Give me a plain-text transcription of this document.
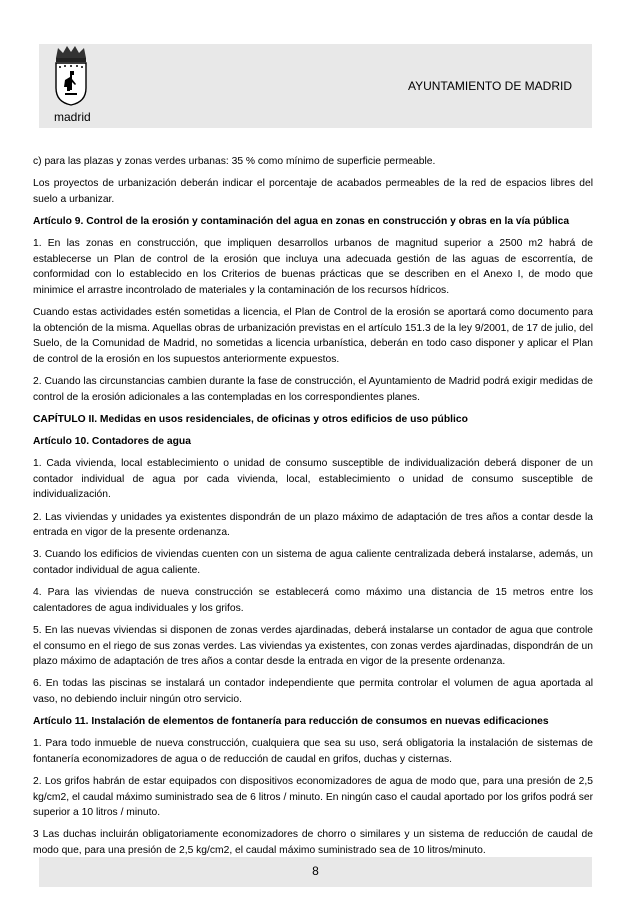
madrid
AYUNTAMIENTO DE MADRID

c) para las plazas y zonas verdes urbanas: 35 % como mínimo de superficie permeable.

Los proyectos de urbanización deberán indicar el porcentaje de acabados permeables de la red de espacios libres del suelo a urbanizar.

Artículo 9. Control de la erosión y contaminación del agua en zonas en construcción y obras en la vía pública

1. En las zonas en construcción, que impliquen desarrollos urbanos de magnitud superior a 2500 m2 habrá de establecerse un Plan de control de la erosión que incluya una adecuada gestión de las aguas de escorrentía, de conformidad con lo establecido en los Criterios de buenas prácticas que se describen en el Anexo I, de modo que minimice el arrastre incontrolado de materiales y la contaminación de los recursos hídricos.

Cuando estas actividades estén sometidas a licencia, el Plan de Control de la erosión se aportará como documento para la obtención de la misma. Aquellas obras de urbanización previstas en el artículo 151.3 de la ley 9/2001, de 17 de julio, del Suelo, de la Comunidad de Madrid, no sometidas a licencia urbanística, deberán en todo caso disponer y aplicar el Plan de control de la erosión en los supuestos anteriormente expuestos.

2. Cuando las circunstancias cambien durante la fase de construcción, el Ayuntamiento de Madrid podrá exigir medidas de control de la erosión adicionales a las contempladas en los correspondientes planes.

CAPÍTULO II. Medidas en usos residenciales, de oficinas y otros edificios de uso público

Artículo 10. Contadores de agua

1. Cada vivienda, local establecimiento o unidad de consumo susceptible de individualización deberá disponer de un contador individual de agua por cada vivienda, local, establecimiento o unidad de consumo susceptible de individualización.

2. Las viviendas y unidades ya existentes dispondrán de un plazo máximo de adaptación de tres años a contar desde la entrada en vigor de la presente ordenanza.

3. Cuando los edificios de viviendas cuenten con un sistema de agua caliente centralizada deberá instalarse, además, un contador individual de agua caliente.

4. Para las viviendas de nueva construcción se establecerá como máximo una distancia de 15 metros entre los calentadores de agua individuales y los grifos.

5. En las nuevas viviendas si disponen de zonas verdes ajardinadas, deberá instalarse un contador de agua que controle el consumo en el riego de sus zonas verdes. Las viviendas ya existentes, con zonas verdes ajardinadas, dispondrán de un plazo máximo de adaptación de tres años a contar desde la entrada en vigor de la presente ordenanza.

6. En todas las piscinas se instalará un contador independiente que permita controlar el volumen de agua aportada al vaso, no debiendo incluir ningún otro servicio.

Artículo 11. Instalación de elementos de fontanería para reducción de consumos en nuevas edificaciones

1. Para todo inmueble de nueva construcción, cualquiera que sea su uso, será obligatoria la instalación de sistemas de fontanería economizadores de agua o de reducción de caudal en grifos, duchas y cisternas.

2. Los grifos habrán de estar equipados con dispositivos economizadores de agua de modo que, para una presión de 2,5 kg/cm2, el caudal máximo suministrado sea de 6 litros / minuto. En ningún caso el caudal aportado por los grifos podrá ser superior a 10 litros / minuto.

3 Las duchas incluirán obligatoriamente economizadores de chorro o similares y un sistema de reducción de caudal de modo que, para una presión de 2,5 kg/cm2, el caudal máximo suministrado sea de 10 litros/minuto.

8
